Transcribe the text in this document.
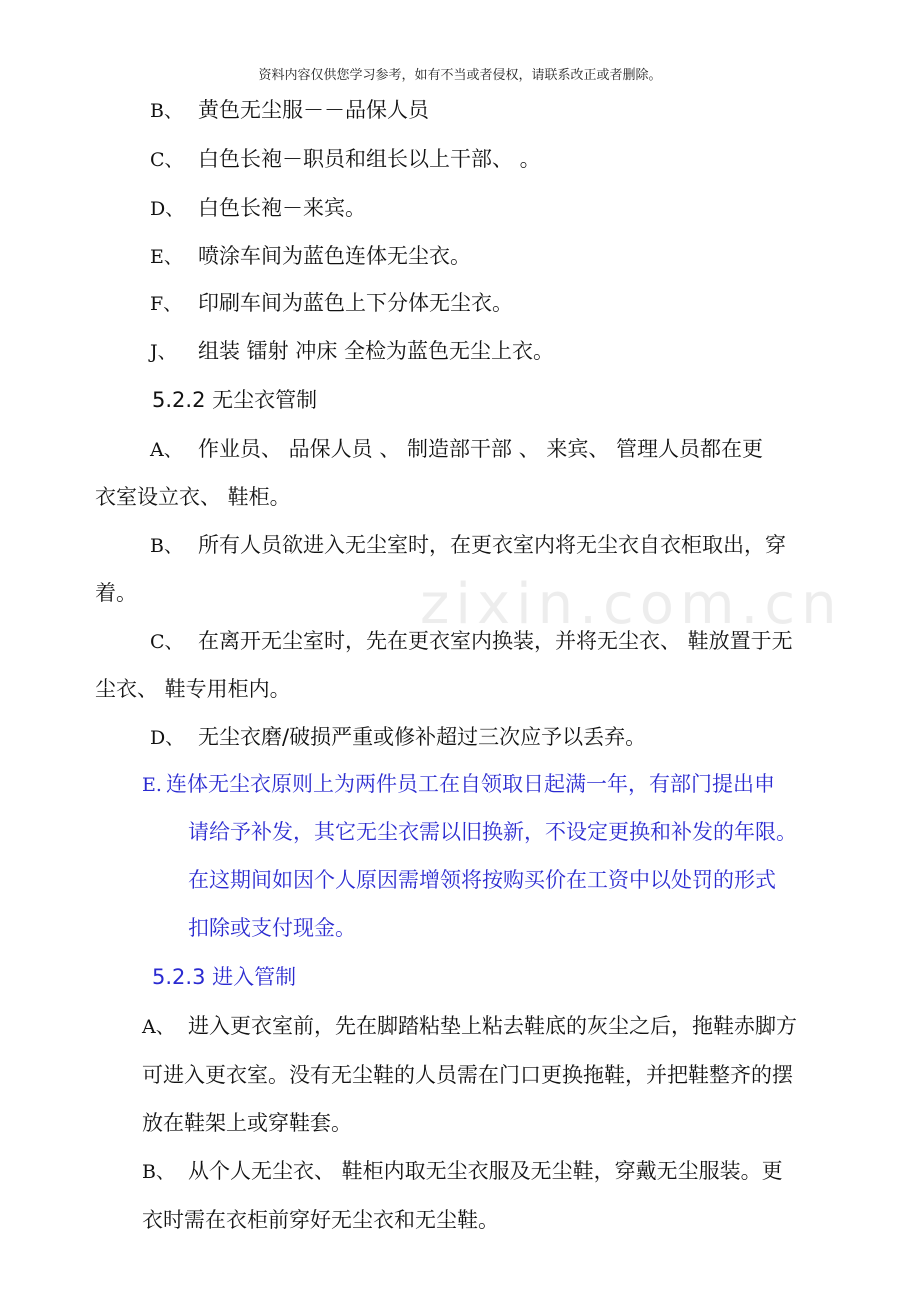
资料内容仅供您学习参考，如有不当或者侵权，请联系改正或者删除。
zixin.com.cn
B、 黄色无尘服－－品保人员
C、 白色长袍－职员和组长以上干部、 。
D、 白色长袍－来宾。
E、 喷涂车间为蓝色连体无尘衣。
F、 印刷车间为蓝色上下分体无尘衣。
J、 组装 镭射 冲床 全检为蓝色无尘上衣。
5.2.2 无尘衣管制
A、 作业员、 品保人员 、 制造部干部 、 来宾、 管理人员都在更
衣室设立衣、 鞋柜。
B、 所有人员欲进入无尘室时，在更衣室内将无尘衣自衣柜取出，穿
着。
C、 在离开无尘室时，先在更衣室内换装，并将无尘衣、 鞋放置于无
尘衣、 鞋专用柜内。
D、 无尘衣磨/破损严重或修补超过三次应予以丢弃。
E. 连体无尘衣原则上为两件员工在自领取日起满一年，有部门提出申
请给予补发，其它无尘衣需以旧换新，不设定更换和补发的年限。
在这期间如因个人原因需增领将按购买价在工资中以处罚的形式
扣除或支付现金。
5.2.3 进入管制
A、 进入更衣室前，先在脚踏粘垫上粘去鞋底的灰尘之后，拖鞋赤脚方
可进入更衣室。没有无尘鞋的人员需在门口更换拖鞋，并把鞋整齐的摆
放在鞋架上或穿鞋套。
B、 从个人无尘衣、 鞋柜内取无尘衣服及无尘鞋，穿戴无尘服装。更
衣时需在衣柜前穿好无尘衣和无尘鞋。
